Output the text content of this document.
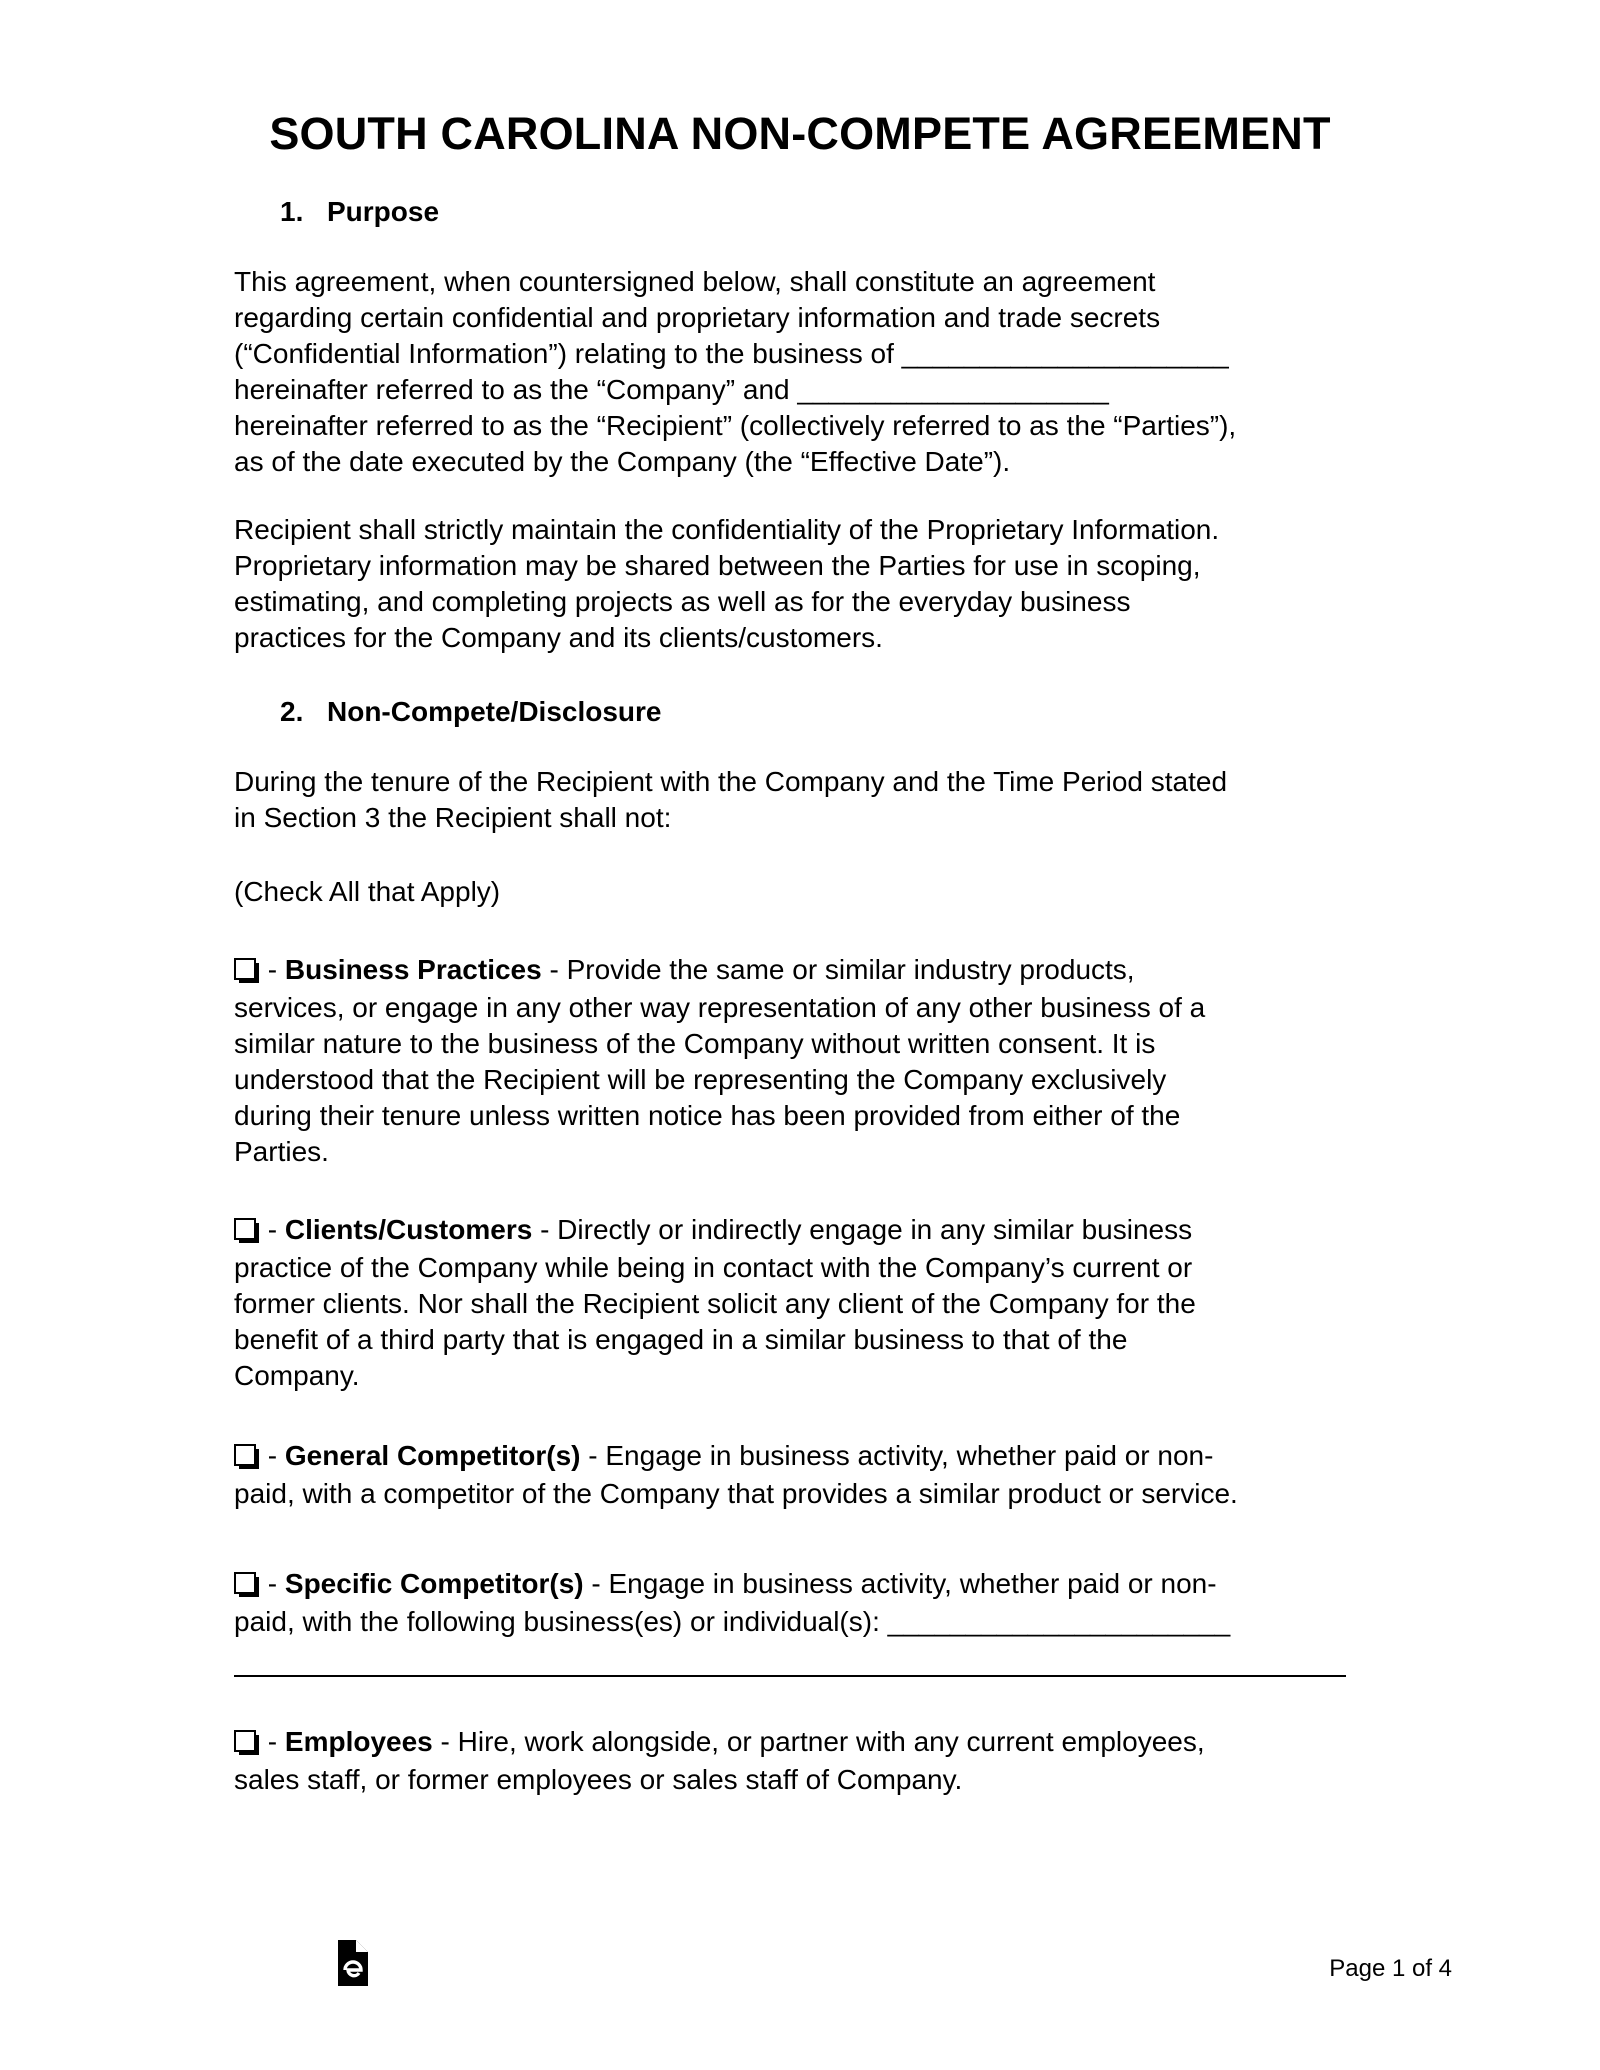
SOUTH CAROLINA NON-COMPETE AGREEMENT
1. Purpose
This agreement, when countersigned below, shall constitute an agreement
regarding certain confidential and proprietary information and trade secrets
(“Confidential Information”) relating to the business of _____________________
hereinafter referred to as the “Company” and ____________________
hereinafter referred to as the “Recipient” (collectively referred to as the “Parties”),
as of the date executed by the Company (the “Effective Date”).
Recipient shall strictly maintain the confidentiality of the Proprietary Information.
Proprietary information may be shared between the Parties for use in scoping,
estimating, and completing projects as well as for the everyday business
practices for the Company and its clients/customers.
2. Non-Compete/Disclosure
During the tenure of the Recipient with the Company and the Time Period stated
in Section 3 the Recipient shall not:
(Check All that Apply)
- Business Practices - Provide the same or similar industry products,
services, or engage in any other way representation of any other business of a
similar nature to the business of the Company without written consent. It is
understood that the Recipient will be representing the Company exclusively
during their tenure unless written notice has been provided from either of the
Parties.
- Clients/Customers - Directly or indirectly engage in any similar business
practice of the Company while being in contact with the Company’s current or
former clients. Nor shall the Recipient solicit any client of the Company for the
benefit of a third party that is engaged in a similar business to that of the
Company.
- General Competitor(s) - Engage in business activity, whether paid or non-
paid, with a competitor of the Company that provides a similar product or service.
- Specific Competitor(s) - Engage in business activity, whether paid or non-
paid, with the following business(es) or individual(s): ______________________
- Employees - Hire, work alongside, or partner with any current employees,
sales staff, or former employees or sales staff of Company.
Page 1 of 4
